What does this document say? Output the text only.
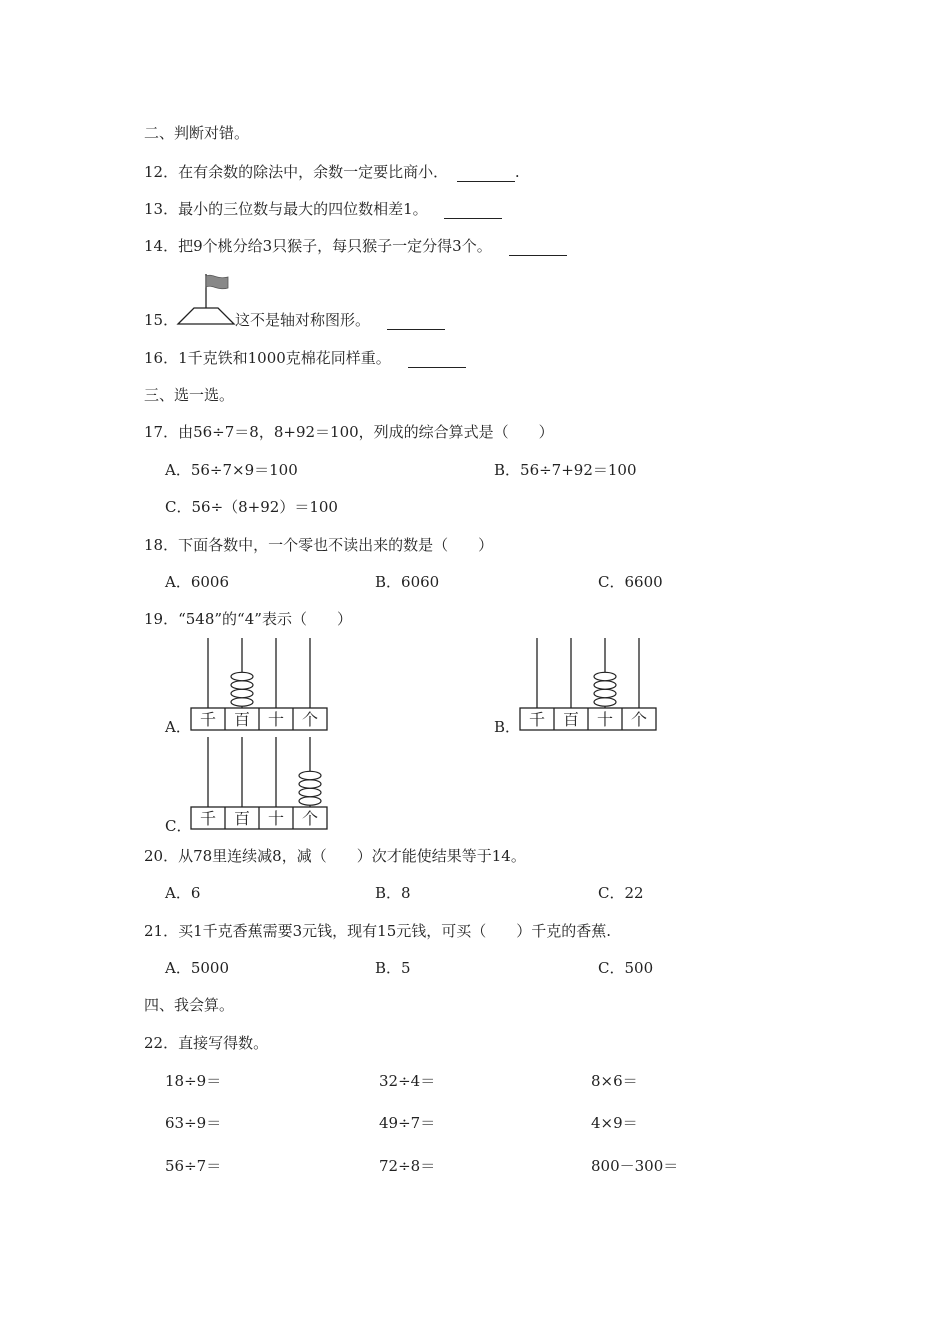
二、判断对错。
12．在有余数的除法中，余数一定要比商小．	.
13．最小的三位数与最大的四位数相差1。
14．把9个桃分给3只猴子，每只猴子一定分得3个。
15．	这不是轴对称图形。
16．1千克铁和1000克棉花同样重。
三、选一选。
17．由56÷7＝8，8+92＝100，列成的综合算式是（　　）
A．56÷7×9＝100	B．56÷7+92＝100
C．56÷（8+92）＝100
18．下面各数中，一个零也不读出来的数是（　　）
A．6006	B．6060	C．6600
19．“548”的“4”表示（　　）
A． 千 百 十 个	B． 千 百 十 个
C． 千 百 十 个
20．从78里连续减8，减（　　）次才能使结果等于14。
A．6	B．8	C．22
21．买1千克香蕉需要3元钱，现有15元钱，可买（　　）千克的香蕉.
A．5000	B．5	C．500
四、我会算。
22．直接写得数。
18÷9＝	32÷4＝	8×6＝
63÷9＝	49÷7＝	4×9＝
56÷7＝	72÷8＝	800－300＝
